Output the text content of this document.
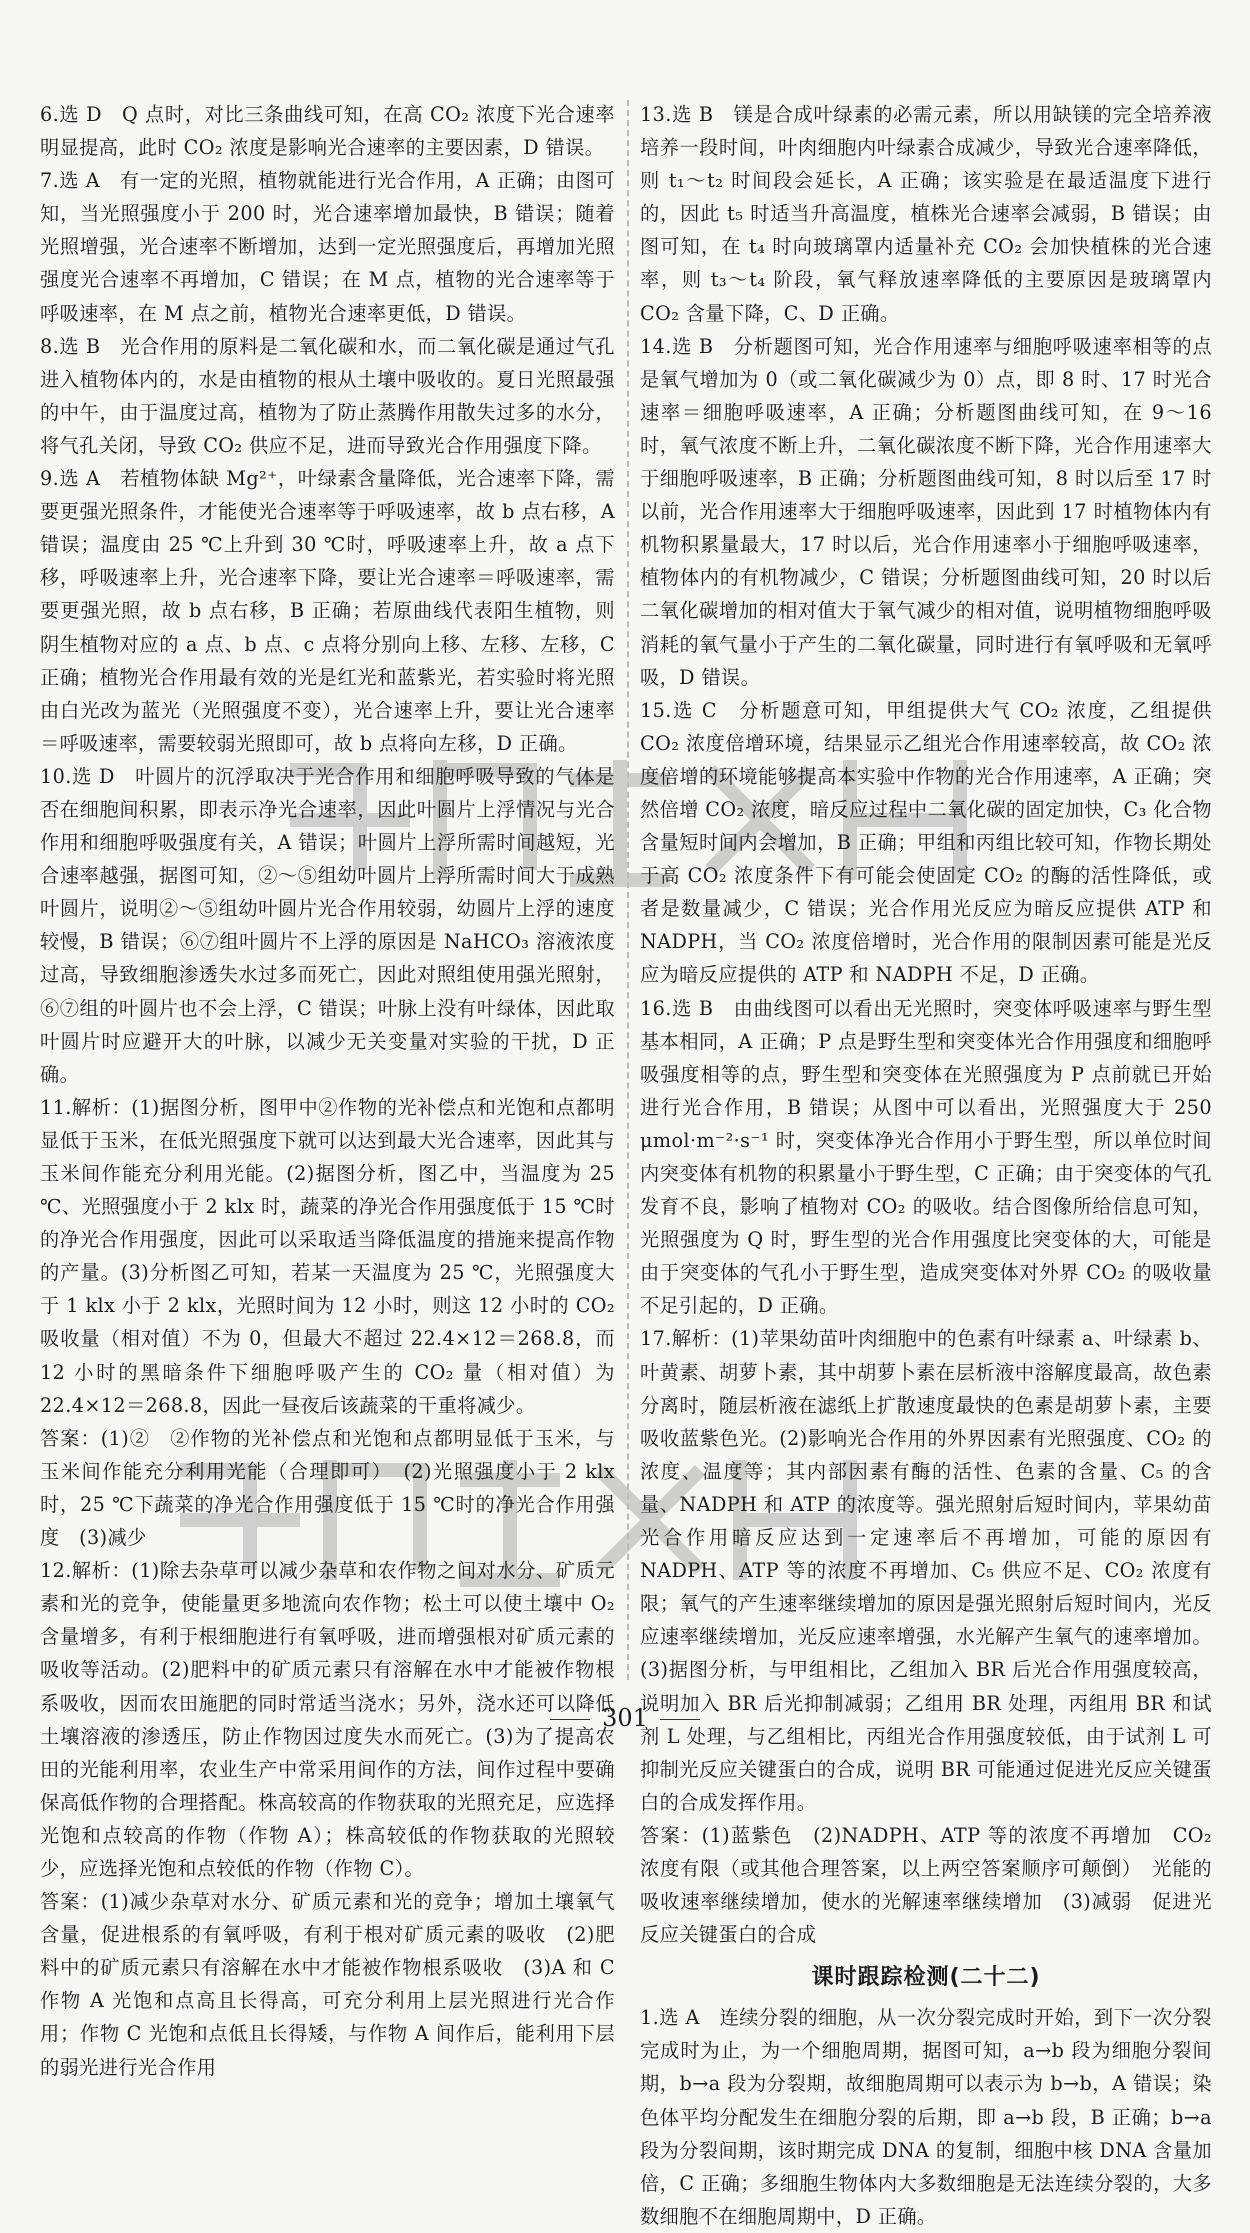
6.选 D　Q 点时，对比三条曲线可知，在高 CO₂ 浓度下光合速率明显提高，此时 CO₂ 浓度是影响光合速率的主要因素，D 错误。

7.选 A　有一定的光照，植物就能进行光合作用，A 正确；由图可知，当光照强度小于 200 时，光合速率增加最快，B 错误；随着光照增强，光合速率不断增加，达到一定光照强度后，再增加光照强度光合速率不再增加，C 错误；在 M 点，植物的光合速率等于呼吸速率，在 M 点之前，植物光合速率更低，D 错误。

8.选 B　光合作用的原料是二氧化碳和水，而二氧化碳是通过气孔进入植物体内的，水是由植物的根从土壤中吸收的。夏日光照最强的中午，由于温度过高，植物为了防止蒸腾作用散失过多的水分，将气孔关闭，导致 CO₂ 供应不足，进而导致光合作用强度下降。

9.选 A　若植物体缺 Mg²⁺，叶绿素含量降低，光合速率下降，需要更强光照条件，才能使光合速率等于呼吸速率，故 b 点右移，A 错误；温度由 25 ℃上升到 30 ℃时，呼吸速率上升，故 a 点下移，呼吸速率上升，光合速率下降，要让光合速率＝呼吸速率，需要更强光照，故 b 点右移，B 正确；若原曲线代表阳生植物，则阴生植物对应的 a 点、b 点、c 点将分别向上移、左移、左移，C 正确；植物光合作用最有效的光是红光和蓝紫光，若实验时将光照由白光改为蓝光（光照强度不变），光合速率上升，要让光合速率＝呼吸速率，需要较弱光照即可，故 b 点将向左移，D 正确。

10.选 D　叶圆片的沉浮取决于光合作用和细胞呼吸导致的气体是否在细胞间积累，即表示净光合速率，因此叶圆片上浮情况与光合作用和细胞呼吸强度有关，A 错误；叶圆片上浮所需时间越短，光合速率越强，据图可知，②～⑤组幼叶圆片上浮所需时间大于成熟叶圆片，说明②～⑤组幼叶圆片光合作用较弱，幼圆片上浮的速度较慢，B 错误；⑥⑦组叶圆片不上浮的原因是 NaHCO₃ 溶液浓度过高，导致细胞渗透失水过多而死亡，因此对照组使用强光照射，⑥⑦组的叶圆片也不会上浮，C 错误；叶脉上没有叶绿体，因此取叶圆片时应避开大的叶脉，以减少无关变量对实验的干扰，D 正确。

11.解析：(1)据图分析，图甲中②作物的光补偿点和光饱和点都明显低于玉米，在低光照强度下就可以达到最大光合速率，因此其与玉米间作能充分利用光能。(2)据图分析，图乙中，当温度为 25 ℃、光照强度小于 2 klx 时，蔬菜的净光合作用强度低于 15 ℃时的净光合作用强度，因此可以采取适当降低温度的措施来提高作物的产量。(3)分析图乙可知，若某一天温度为 25 ℃，光照强度大于 1 klx 小于 2 klx，光照时间为 12 小时，则这 12 小时的 CO₂ 吸收量（相对值）不为 0，但最大不超过 22.4×12＝268.8，而 12 小时的黑暗条件下细胞呼吸产生的 CO₂ 量（相对值）为 22.4×12＝268.8，因此一昼夜后该蔬菜的干重将减少。

答案：(1)②　②作物的光补偿点和光饱和点都明显低于玉米，与玉米间作能充分利用光能（合理即可）　(2)光照强度小于 2 klx 时，25 ℃下蔬菜的净光合作用强度低于 15 ℃时的净光合作用强度　(3)减少

12.解析：(1)除去杂草可以减少杂草和农作物之间对水分、矿质元素和光的竞争，使能量更多地流向农作物；松土可以使土壤中 O₂ 含量增多，有利于根细胞进行有氧呼吸，进而增强根对矿质元素的吸收等活动。(2)肥料中的矿质元素只有溶解在水中才能被作物根系吸收，因而农田施肥的同时常适当浇水；另外，浇水还可以降低土壤溶液的渗透压，防止作物因过度失水而死亡。(3)为了提高农田的光能利用率，农业生产中常采用间作的方法，间作过程中要确保高低作物的合理搭配。株高较高的作物获取的光照充足，应选择光饱和点较高的作物（作物 A）；株高较低的作物获取的光照较少，应选择光饱和点较低的作物（作物 C）。

答案：(1)减少杂草对水分、矿质元素和光的竞争；增加土壤氧气含量，促进根系的有氧呼吸，有利于根对矿质元素的吸收　(2)肥料中的矿质元素只有溶解在水中才能被作物根系吸收　(3)A 和 C　作物 A 光饱和点高且长得高，可充分利用上层光照进行光合作用；作物 C 光饱和点低且长得矮，与作物 A 间作后，能利用下层的弱光进行光合作用

13.选 B　镁是合成叶绿素的必需元素，所以用缺镁的完全培养液培养一段时间，叶肉细胞内叶绿素合成减少，导致光合速率降低，则 t₁～t₂ 时间段会延长，A 正确；该实验是在最适温度下进行的，因此 t₅ 时适当升高温度，植株光合速率会减弱，B 错误；由图可知，在 t₄ 时向玻璃罩内适量补充 CO₂ 会加快植株的光合速率，则 t₃～t₄ 阶段，氧气释放速率降低的主要原因是玻璃罩内 CO₂ 含量下降，C、D 正确。

14.选 B　分析题图可知，光合作用速率与细胞呼吸速率相等的点是氧气增加为 0（或二氧化碳减少为 0）点，即 8 时、17 时光合速率＝细胞呼吸速率，A 正确；分析题图曲线可知，在 9～16 时，氧气浓度不断上升，二氧化碳浓度不断下降，光合作用速率大于细胞呼吸速率，B 正确；分析题图曲线可知，8 时以后至 17 时以前，光合作用速率大于细胞呼吸速率，因此到 17 时植物体内有机物积累量最大，17 时以后，光合作用速率小于细胞呼吸速率，植物体内的有机物减少，C 错误；分析题图曲线可知，20 时以后二氧化碳增加的相对值大于氧气减少的相对值，说明植物细胞呼吸消耗的氧气量小于产生的二氧化碳量，同时进行有氧呼吸和无氧呼吸，D 错误。

15.选 C　分析题意可知，甲组提供大气 CO₂ 浓度，乙组提供 CO₂ 浓度倍增环境，结果显示乙组光合作用速率较高，故 CO₂ 浓度倍增的环境能够提高本实验中作物的光合作用速率，A 正确；突然倍增 CO₂ 浓度，暗反应过程中二氧化碳的固定加快，C₃ 化合物含量短时间内会增加，B 正确；甲组和丙组比较可知，作物长期处于高 CO₂ 浓度条件下有可能会使固定 CO₂ 的酶的活性降低，或者是数量减少，C 错误；光合作用光反应为暗反应提供 ATP 和 NADPH，当 CO₂ 浓度倍增时，光合作用的限制因素可能是光反应为暗反应提供的 ATP 和 NADPH 不足，D 正确。

16.选 B　由曲线图可以看出无光照时，突变体呼吸速率与野生型基本相同，A 正确；P 点是野生型和突变体光合作用强度和细胞呼吸强度相等的点，野生型和突变体在光照强度为 P 点前就已开始进行光合作用，B 错误；从图中可以看出，光照强度大于 250 μmol·m⁻²·s⁻¹ 时，突变体净光合作用小于野生型，所以单位时间内突变体有机物的积累量小于野生型，C 正确；由于突变体的气孔发育不良，影响了植物对 CO₂ 的吸收。结合图像所给信息可知，光照强度为 Q 时，野生型的光合作用强度比突变体的大，可能是由于突变体的气孔小于野生型，造成突变体对外界 CO₂ 的吸收量不足引起的，D 正确。

17.解析：(1)苹果幼苗叶肉细胞中的色素有叶绿素 a、叶绿素 b、叶黄素、胡萝卜素，其中胡萝卜素在层析液中溶解度最高，故色素分离时，随层析液在滤纸上扩散速度最快的色素是胡萝卜素，主要吸收蓝紫色光。(2)影响光合作用的外界因素有光照强度、CO₂ 的浓度、温度等；其内部因素有酶的活性、色素的含量、C₅ 的含量、NADPH 和 ATP 的浓度等。强光照射后短时间内，苹果幼苗光合作用暗反应达到一定速率后不再增加，可能的原因有 NADPH、ATP 等的浓度不再增加、C₅ 供应不足、CO₂ 浓度有限；氧气的产生速率继续增加的原因是强光照射后短时间内，光反应速率继续增加，光反应速率增强，水光解产生氧气的速率增加。(3)据图分析，与甲组相比，乙组加入 BR 后光合作用强度较高，说明加入 BR 后光抑制减弱；乙组用 BR 处理，丙组用 BR 和试剂 L 处理，与乙组相比，丙组光合作用强度较低，由于试剂 L 可抑制光反应关键蛋白的合成，说明 BR 可能通过促进光反应关键蛋白的合成发挥作用。

答案：(1)蓝紫色　(2)NADPH、ATP 等的浓度不再增加　CO₂ 浓度有限（或其他合理答案，以上两空答案顺序可颠倒）　光能的吸收速率继续增加，使水的光解速率继续增加　(3)减弱　促进光反应关键蛋白的合成

课时跟踪检测(二十二)

1.选 A　连续分裂的细胞，从一次分裂完成时开始，到下一次分裂完成时为止，为一个细胞周期，据图可知，a→b 段为细胞分裂间期，b→a 段为分裂期，故细胞周期可以表示为 b→b，A 错误；染色体平均分配发生在细胞分裂的后期，即 a→b 段，B 正确；b→a 段为分裂间期，该时期完成 DNA 的复制，细胞中核 DNA 含量加倍，C 正确；多细胞生物体内大多数细胞是无法连续分裂的，大多数细胞不在细胞周期中，D 正确。

301
